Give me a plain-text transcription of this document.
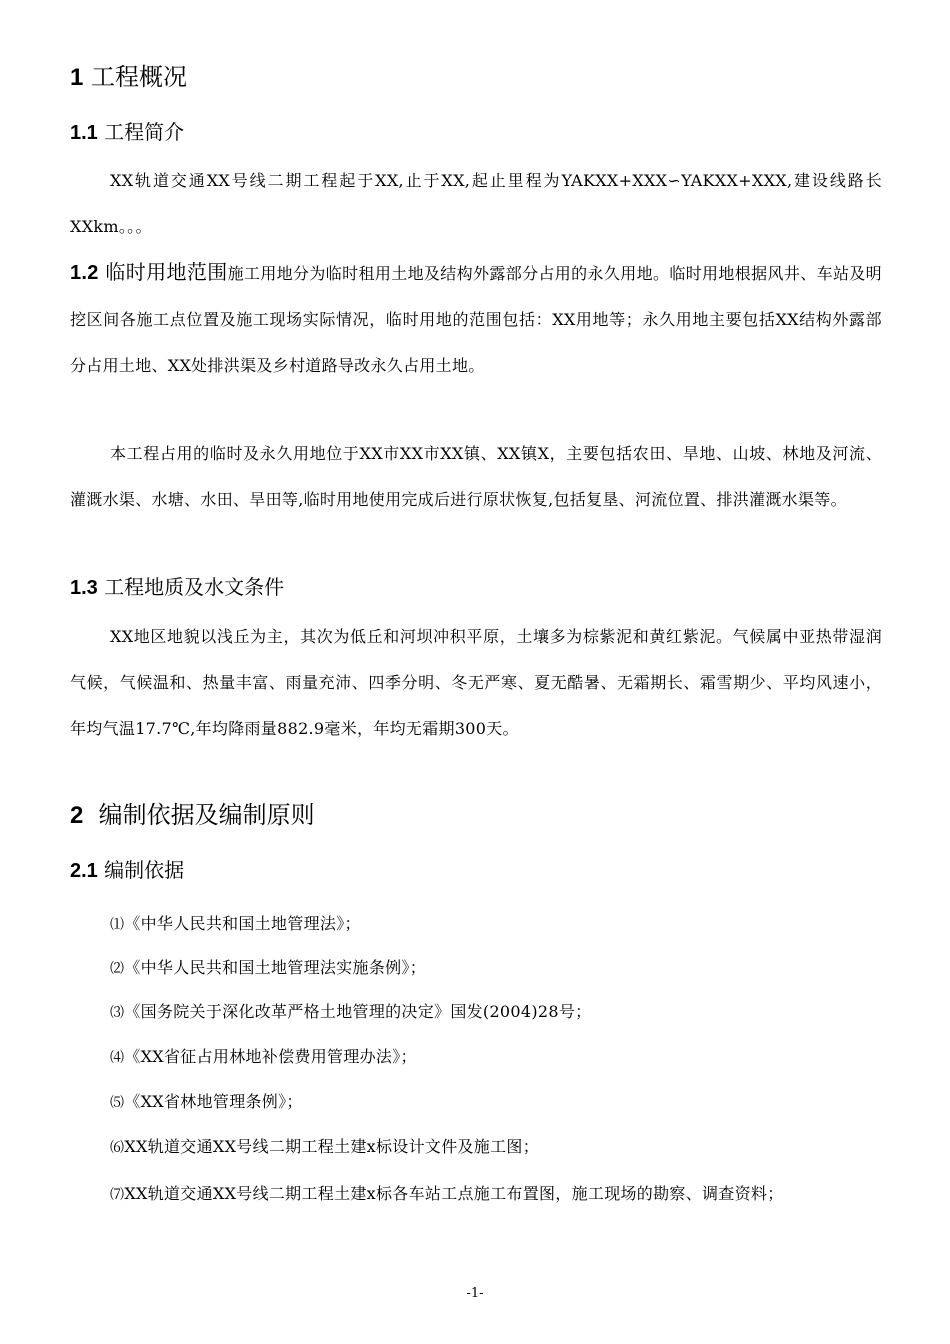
1 工程概况
1.1 工程简介

XX轨道交通XX号线二期工程起于XX,止于XX,起止里程为YAKXX+XXX∽YAKXX+XXX,建设线路长XXkm。。。

1.2 临时用地范围施工用地分为临时租用土地及结构外露部分占用的永久用地。临时用地根据风井、车站及明挖区间各施工点位置及施工现场实际情况，临时用地的范围包括：XX用地等；永久用地主要包括XX结构外露部分占用土地、XX处排洪渠及乡村道路导改永久占用土地。

本工程占用的临时及永久用地位于XX市XX市XX镇、XX镇X，主要包括农田、旱地、山坡、林地及河流、灌溉水渠、水塘、水田、旱田等,临时用地使用完成后进行原状恢复,包括复垦、河流位置、排洪灌溉水渠等。

1.3 工程地质及水文条件

XX地区地貌以浅丘为主，其次为低丘和河坝冲积平原，土壤多为棕紫泥和黄红紫泥。气候属中亚热带湿润气候，气候温和、热量丰富、雨量充沛、四季分明、冬无严寒、夏无酷暑、无霜期长、霜雪期少、平均风速小，年均气温17.7℃,年均降雨量882.9毫米，年均无霜期300天。

2 编制依据及编制原则
2.1 编制依据

⑴《中华人民共和国土地管理法》；

⑵《中华人民共和国土地管理法实施条例》；

⑶《国务院关于深化改革严格土地管理的决定》国发(2004)28号；

⑷《XX省征占用林地补偿费用管理办法》；

⑸《XX省林地管理条例》；

⑹XX轨道交通XX号线二期工程土建x标设计文件及施工图；

⑺XX轨道交通XX号线二期工程土建x标各车站工点施工布置图，施工现场的勘察、调查资料；

-1-
